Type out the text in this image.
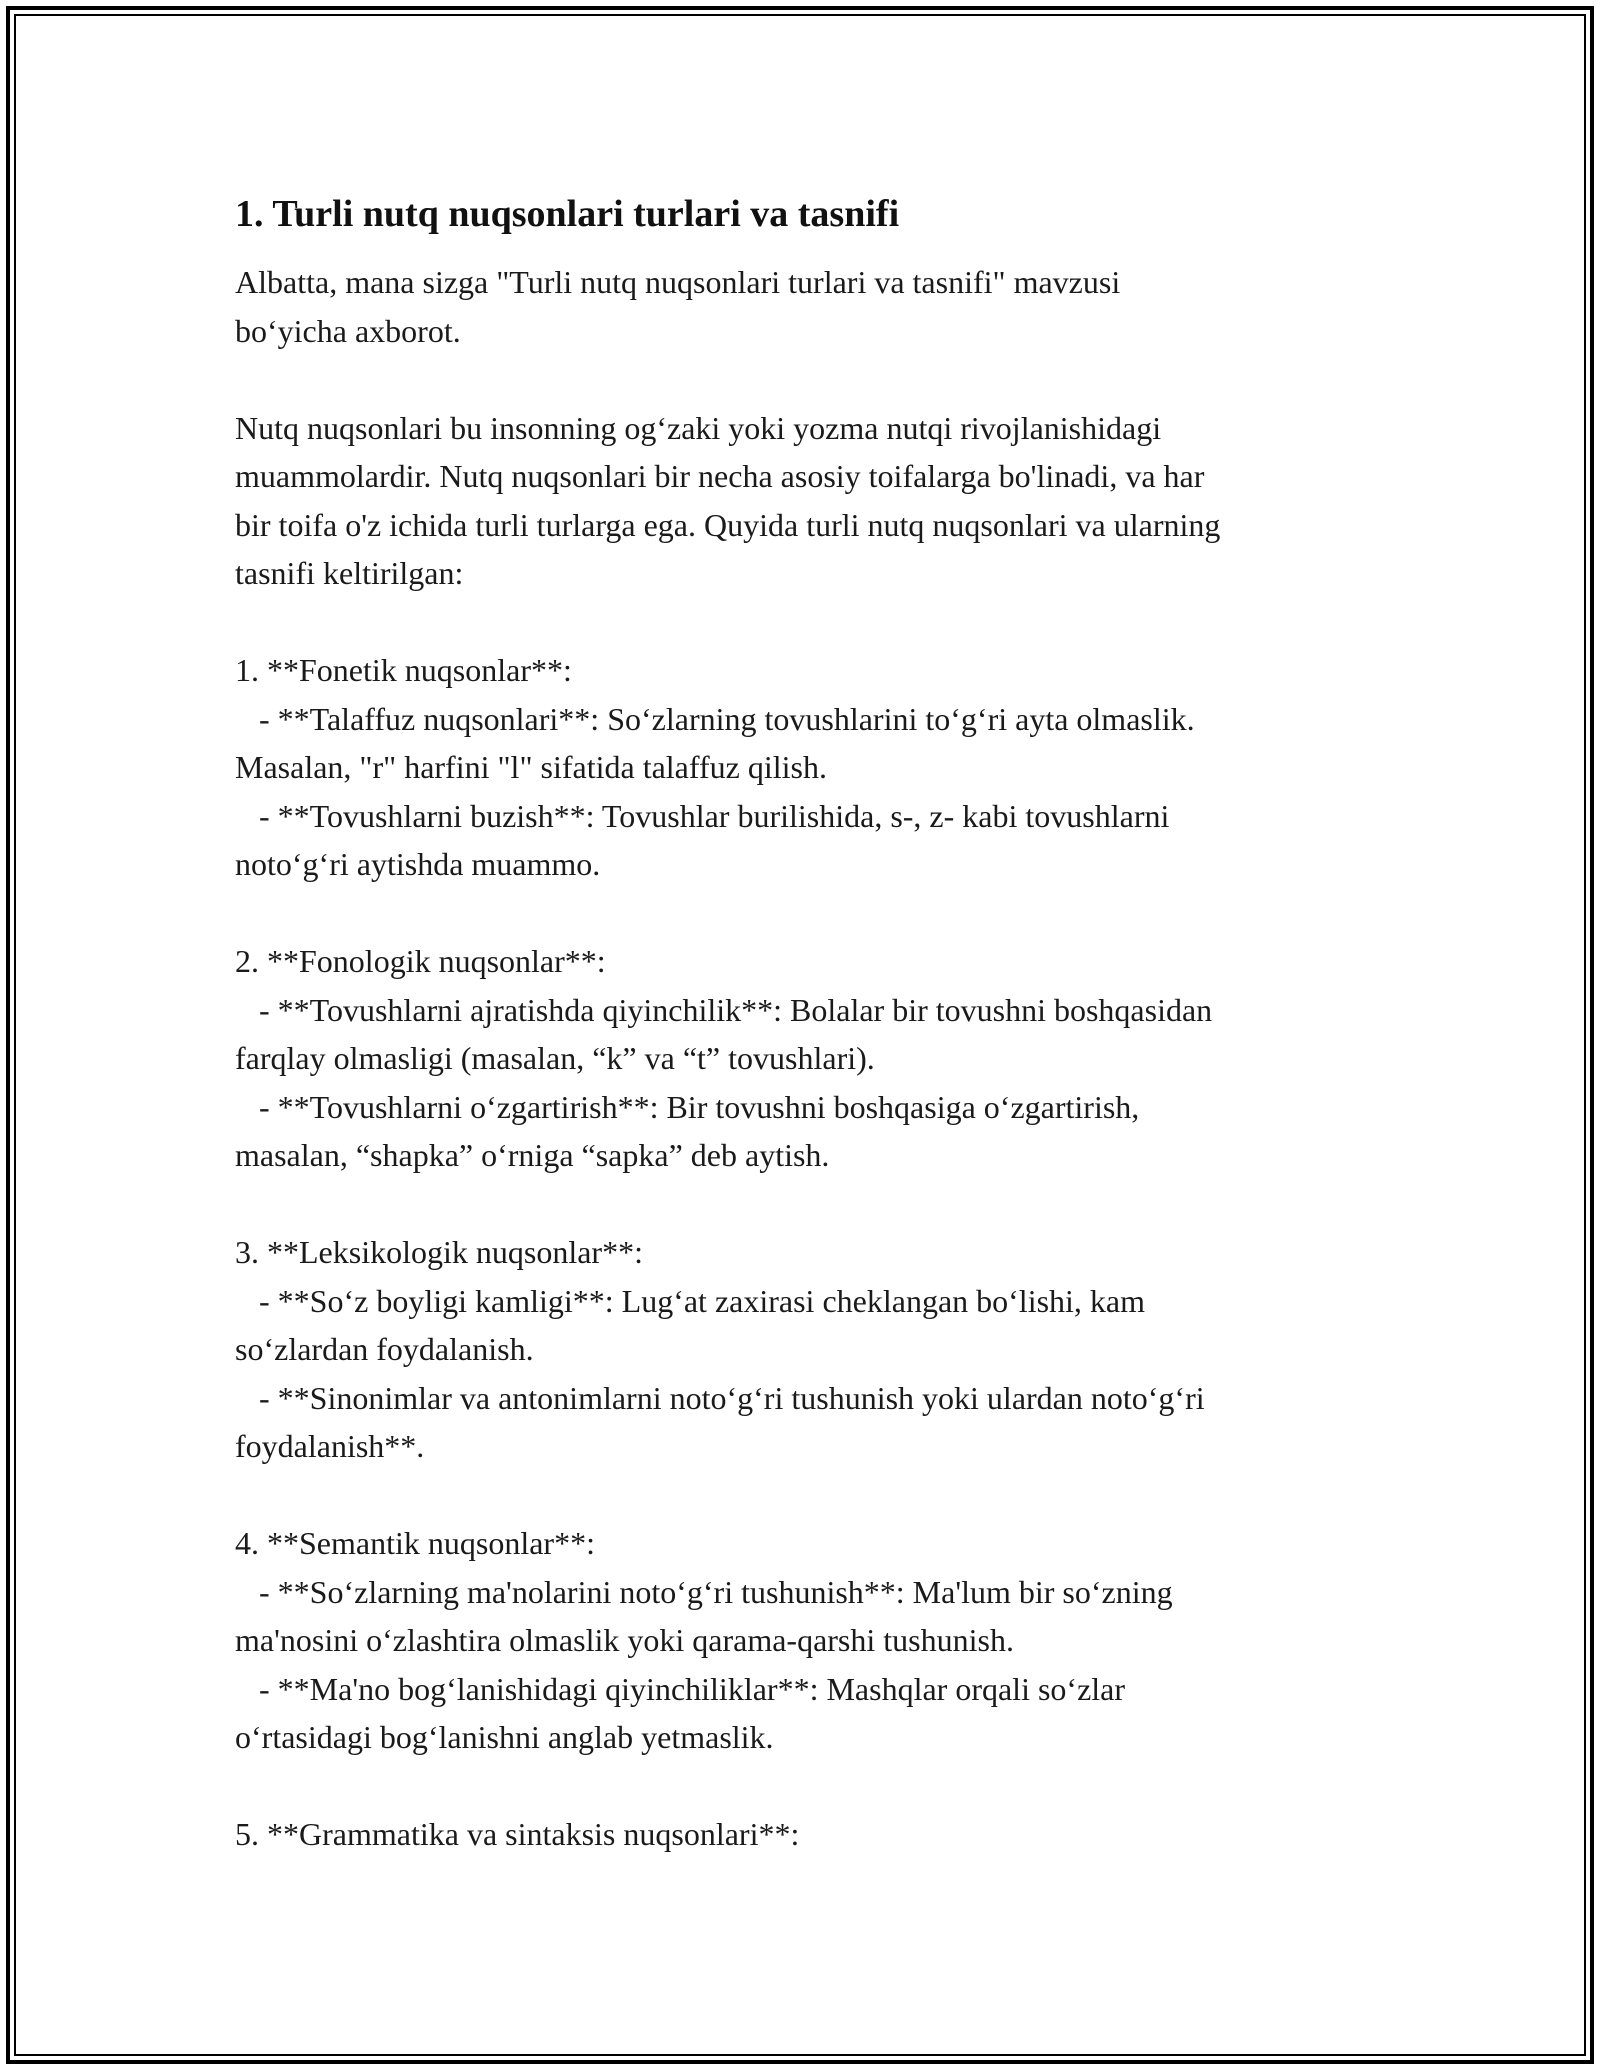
1. Turli nutq nuqsonlari turlari va tasnifi

Albatta, mana sizga "Turli nutq nuqsonlari turlari va tasnifi" mavzusi
bo‘yicha axborot.

Nutq nuqsonlari bu insonning og‘zaki yoki yozma nutqi rivojlanishidagi
muammolardir. Nutq nuqsonlari bir necha asosiy toifalarga bo'linadi, va har
bir toifa o'z ichida turli turlarga ega. Quyida turli nutq nuqsonlari va ularning
tasnifi keltirilgan:

1. **Fonetik nuqsonlar**:

- **Talaffuz nuqsonlari**: So‘zlarning tovushlarini to‘g‘ri ayta olmaslik.
Masalan, "r" harfini "l" sifatida talaffuz qilish.

- **Tovushlarni buzish**: Tovushlar burilishida, s-, z- kabi tovushlarni
noto‘g‘ri aytishda muammo.

2. **Fonologik nuqsonlar**:

- **Tovushlarni ajratishda qiyinchilik**: Bolalar bir tovushni boshqasidan
farqlay olmasligi (masalan, “k” va “t” tovushlari).

- **Tovushlarni o‘zgartirish**: Bir tovushni boshqasiga o‘zgartirish,
masalan, “shapka” o‘rniga “sapka” deb aytish.

3. **Leksikologik nuqsonlar**:

- **So‘z boyligi kamligi**: Lug‘at zaxirasi cheklangan bo‘lishi, kam
so‘zlardan foydalanish.

- **Sinonimlar va antonimlarni noto‘g‘ri tushunish yoki ulardan noto‘g‘ri
foydalanish**.

4. **Semantik nuqsonlar**:

- **So‘zlarning ma'nolarini noto‘g‘ri tushunish**: Ma'lum bir so‘zning
ma'nosini o‘zlashtira olmaslik yoki qarama-qarshi tushunish.

- **Ma'no bog‘lanishidagi qiyinchiliklar**: Mashqlar orqali so‘zlar
o‘rtasidagi bog‘lanishni anglab yetmaslik.

5. **Grammatika va sintaksis nuqsonlari**:
